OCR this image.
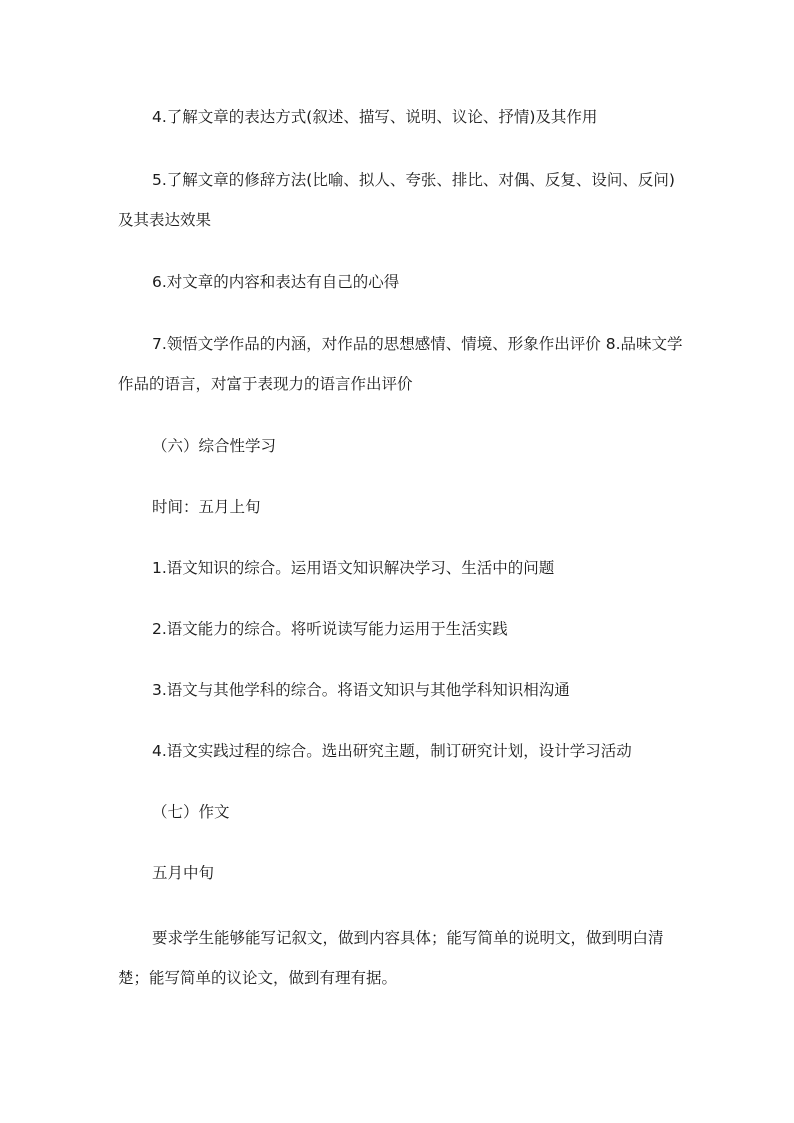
4.了解文章的表达方式(叙述、描写、说明、议论、抒情)及其作用

5.了解文章的修辞方法(比喻、拟人、夸张、排比、对偶、反复、设问、反问)及其表达效果

6.对文章的内容和表达有自己的心得

7.领悟文学作品的内涵，对作品的思想感情、情境、形象作出评价 8.品味文学作品的语言，对富于表现力的语言作出评价

（六）综合性学习

时间：五月上旬

1.语文知识的综合。运用语文知识解决学习、生活中的问题

2.语文能力的综合。将听说读写能力运用于生活实践

3.语文与其他学科的综合。将语文知识与其他学科知识相沟通

4.语文实践过程的综合。选出研究主题，制订研究计划，设计学习活动

（七）作文

五月中旬

要求学生能够能写记叙文，做到内容具体；能写简单的说明文，做到明白清楚；能写简单的议论文，做到有理有据。
